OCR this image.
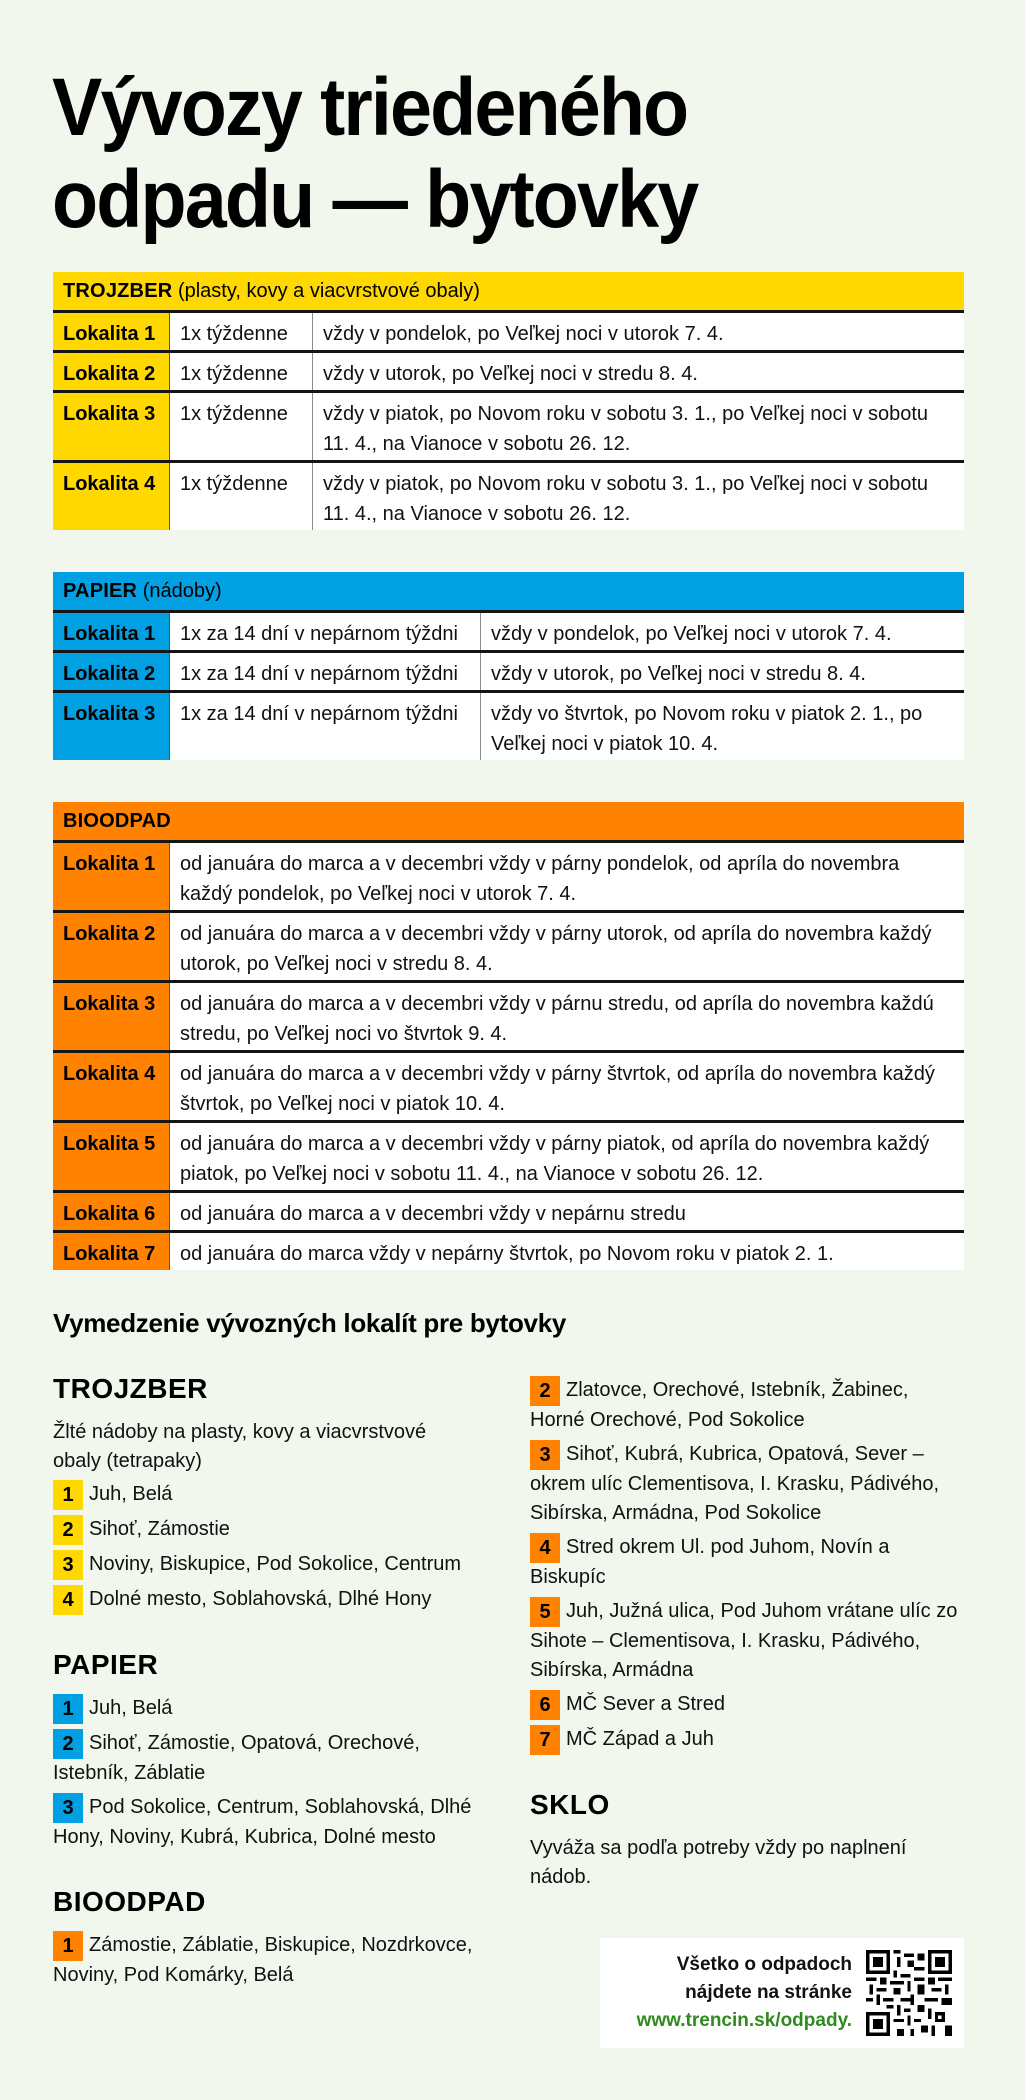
Vývozy triedeného
odpadu — bytovky
TROJZBER (plasty, kovy a viacvrstvové obaly)
Lokalita 1	1x týždenne	vždy v pondelok, po Veľkej noci v utorok 7. 4.
Lokalita 2	1x týždenne	vždy v utorok, po Veľkej noci v stredu 8. 4.
Lokalita 3	1x týždenne	vždy v piatok, po Novom roku v sobotu 3. 1., po Veľkej noci v sobotu 11. 4., na Vianoce v sobotu 26. 12.
Lokalita 4	1x týždenne	vždy v piatok, po Novom roku v sobotu 3. 1., po Veľkej noci v sobotu 11. 4., na Vianoce v sobotu 26. 12.
PAPIER (nádoby)
Lokalita 1	1x za 14 dní v nepárnom týždni	vždy v pondelok, po Veľkej noci v utorok 7. 4.
Lokalita 2	1x za 14 dní v nepárnom týždni	vždy v utorok, po Veľkej noci v stredu 8. 4.
Lokalita 3	1x za 14 dní v nepárnom týždni	vždy vo štvrtok, po Novom roku v piatok 2. 1., po Veľkej noci v piatok 10. 4.
BIOODPAD
Lokalita 1	od januára do marca a v decembri vždy v párny pondelok, od apríla do novembra každý pondelok, po Veľkej noci v utorok 7. 4.
Lokalita 2	od januára do marca a v decembri vždy v párny utorok, od apríla do novembra každý utorok, po Veľkej noci v stredu 8. 4.
Lokalita 3	od januára do marca a v decembri vždy v párnu stredu, od apríla do novembra každú stredu, po Veľkej noci vo štvrtok 9. 4.
Lokalita 4	od januára do marca a v decembri vždy v párny štvrtok, od apríla do novembra každý štvrtok, po Veľkej noci v piatok 10. 4.
Lokalita 5	od januára do marca a v decembri vždy v párny piatok, od apríla do novembra každý piatok, po Veľkej noci v sobotu 11. 4., na Vianoce v sobotu 26. 12.
Lokalita 6	od januára do marca a v decembri vždy v nepárnu stredu
Lokalita 7	od januára do marca vždy v nepárny štvrtok, po Novom roku v piatok 2. 1.
Vymedzenie vývozných lokalít pre bytovky
TROJZBER
Žlté nádoby na plasty, kovy a viacvrstvové obaly (tetrapaky)
1 Juh, Belá
2 Sihoť, Zámostie
3 Noviny, Biskupice, Pod Sokolice, Centrum
4 Dolné mesto, Soblahovská, Dlhé Hony
PAPIER
1 Juh, Belá
2 Sihoť, Zámostie, Opatová, Orechové, Istebník, Záblatie
3 Pod Sokolice, Centrum, Soblahovská, Dlhé Hony, Noviny, Kubrá, Kubrica, Dolné mesto
BIOODPAD
1 Zámostie, Záblatie, Biskupice, Nozdrkovce, Noviny, Pod Komárky, Belá
2 Zlatovce, Orechové, Istebník, Žabinec, Horné Orechové, Pod Sokolice
3 Sihoť, Kubrá, Kubrica, Opatová, Sever – okrem ulíc Clementisova, I. Krasku, Pádivého, Sibírska, Armádna, Pod Sokolice
4 Stred okrem Ul. pod Juhom, Novín a Biskupíc
5 Juh, Južná ulica, Pod Juhom vrátane ulíc zo Sihote – Clementisova, I. Krasku, Pádivého, Sibírska, Armádna
6 MČ Sever a Stred
7 MČ Západ a Juh
SKLO
Vyváža sa podľa potreby vždy po naplnení nádob.
Všetko o odpadoch
nájdete na stránke
www.trencin.sk/odpady.
